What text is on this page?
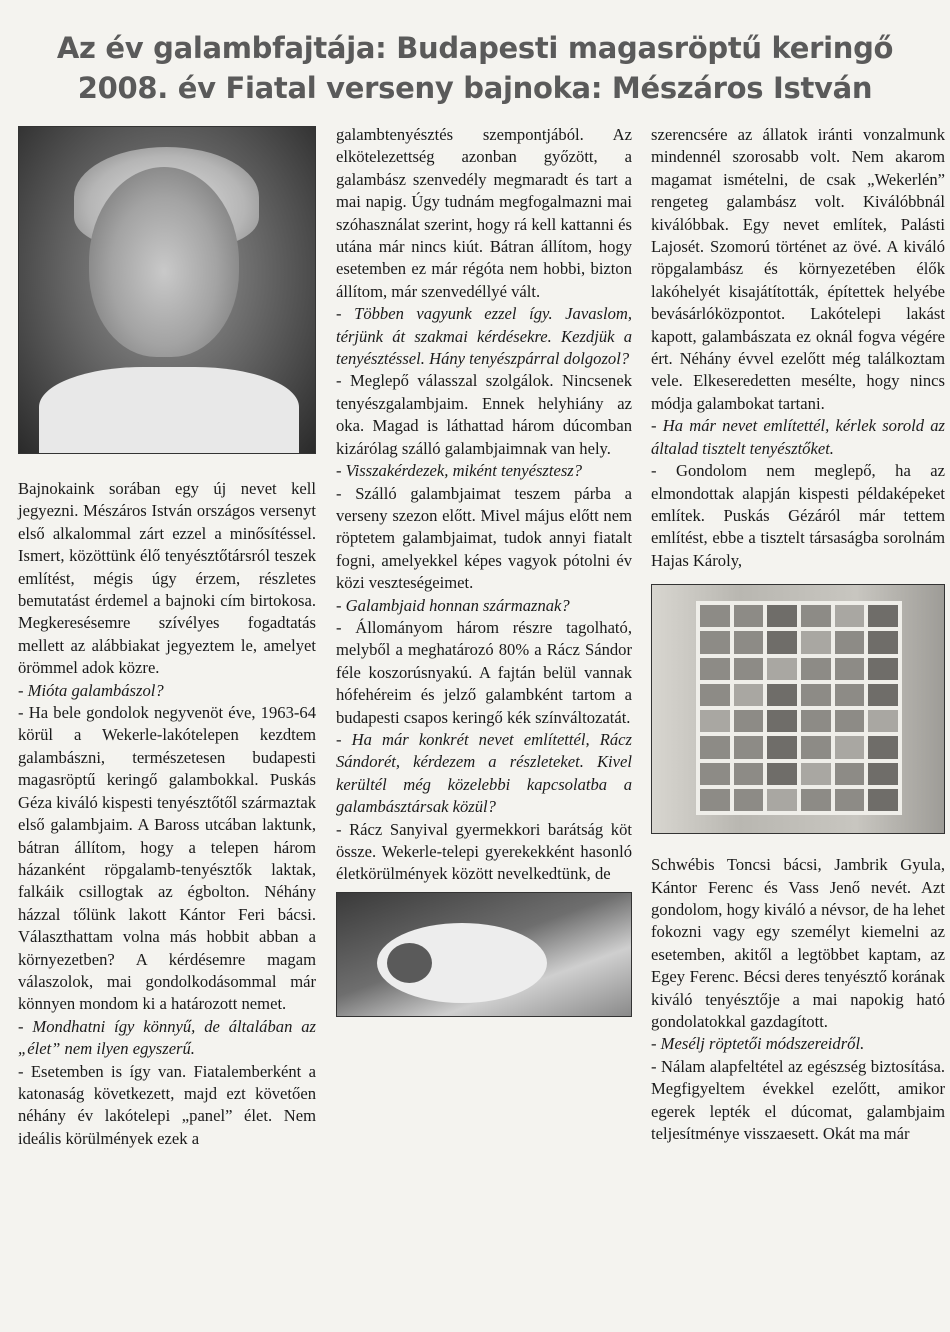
Az év galambfajtája: Budapesti magasröptű keringő
2008. év Fiatal verseny bajnoka: Mészáros István

Bajnokaink sorában egy új nevet kell jegyezni. Mészáros István országos versenyt első alkalommal zárt ezzel a minősítéssel. Ismert, közöttünk élő tenyésztőtársról teszek említést, mégis úgy érzem, részletes bemutatást érdemel a bajnoki cím birtokosa. Megkeresésemre szívélyes fogadtatás mellett az alábbiakat jegyeztem le, amelyet örömmel adok közre.

- Mióta galambászol?

- Ha bele gondolok negyvenöt éve, 1963-64 körül a Wekerle-lakótelepen kezdtem galambászni, természetesen budapesti magasröptű keringő galambokkal. Puskás Géza kiváló kispesti tenyésztőtől származtak első galambjaim. A Baross utcában laktunk, bátran állítom, hogy a telepen három házanként röpgalamb-tenyésztők laktak, falkáik csillogtak az égbolton. Néhány házzal tőlünk lakott Kántor Feri bácsi. Választhattam volna más hobbit abban a környezetben? A kérdésemre magam válaszolok, mai gondolkodásommal már könnyen mondom ki a határozott nemet.

- Mondhatni így könnyű, de általában az „élet” nem ilyen egyszerű.

- Esetemben is így van. Fiatalemberként a katonaság következett, majd ezt követően néhány év lakótelepi „panel” élet. Nem ideális körülmények ezek a

galambtenyésztés szempontjából. Az elkötelezettség azonban győzött, a galambász szenvedély megmaradt és tart a mai napig. Úgy tudnám megfogalmazni mai szóhasználat szerint, hogy rá kell kattanni és utána már nincs kiút. Bátran állítom, hogy esetemben ez már régóta nem hobbi, bizton állítom, már szenvedéllyé vált.

- Többen vagyunk ezzel így. Javaslom, térjünk át szakmai kérdésekre. Kezdjük a tenyésztéssel. Hány tenyészpárral dolgozol?

- Meglepő válasszal szolgálok. Nincsenek tenyészgalambjaim. Ennek helyhiány az oka. Magad is láthattad három dúcomban kizárólag szálló galambjaimnak van hely.

- Visszakérdezek, miként tenyésztesz?

- Szálló galambjaimat teszem párba a verseny szezon előtt. Mivel május előtt nem röptetem galambjaimat, tudok annyi fiatalt fogni, amelyekkel képes vagyok pótolni év közi veszteségeimet.

- Galambjaid honnan származnak?

- Állományom három részre tagolható, melyből a meghatározó 80% a Rácz Sándor féle koszorúsnyakú. A fajtán belül vannak hófehéreim és jelző galambként tartom a budapesti csapos keringő kék színváltozatát.

- Ha már konkrét nevet említettél, Rácz Sándorét, kérdezem a részleteket. Kivel kerültél még közelebbi kapcsolatba a galambásztársak közül?

- Rácz Sanyival gyermekkori barátság köt össze. Wekerle-telepi gyerekekként hasonló életkörülmények között nevelkedtünk, de

szerencsére az állatok iránti vonzalmunk mindennél szorosabb volt. Nem akarom magamat ismételni, de csak „Wekerlén” rengeteg galambász volt. Kiválóbbnál kiválóbbak. Egy nevet említek, Palásti Lajosét. Szomorú történet az övé. A kiváló röpgalambász és környezetében élők lakóhelyét kisajátították, építettek helyébe bevásárlóközpontot. Lakótelepi lakást kapott, galambászata ez oknál fogva végére ért. Néhány évvel ezelőtt még találkoztam vele. Elkeseredetten mesélte, hogy nincs módja galambokat tartani.

- Ha már nevet említettél, kérlek sorold az általad tisztelt tenyésztőket.

- Gondolom nem meglepő, ha az elmondottak alapján kispesti példaképeket említek. Puskás Gézáról már tettem említést, ebbe a tisztelt társaságba sorolnám Hajas Károly,

Schwébis Toncsi bácsi, Jambrik Gyula, Kántor Ferenc és Vass Jenő nevét. Azt gondolom, hogy kiváló a névsor, de ha lehet fokozni vagy egy személyt kiemelni az esetemben, akitől a legtöbbet kaptam, az Egey Ferenc. Bécsi deres tenyésztő korának kiváló tenyésztője a mai napokig ható gondolatokkal gazdagított.

- Mesélj röptetői módszereidről.

- Nálam alapfeltétel az egészség biztosítása. Megfigyeltem évekkel ezelőtt, amikor egerek lepték el dúcomat, galambjaim teljesítménye visszaesett. Okát ma már
